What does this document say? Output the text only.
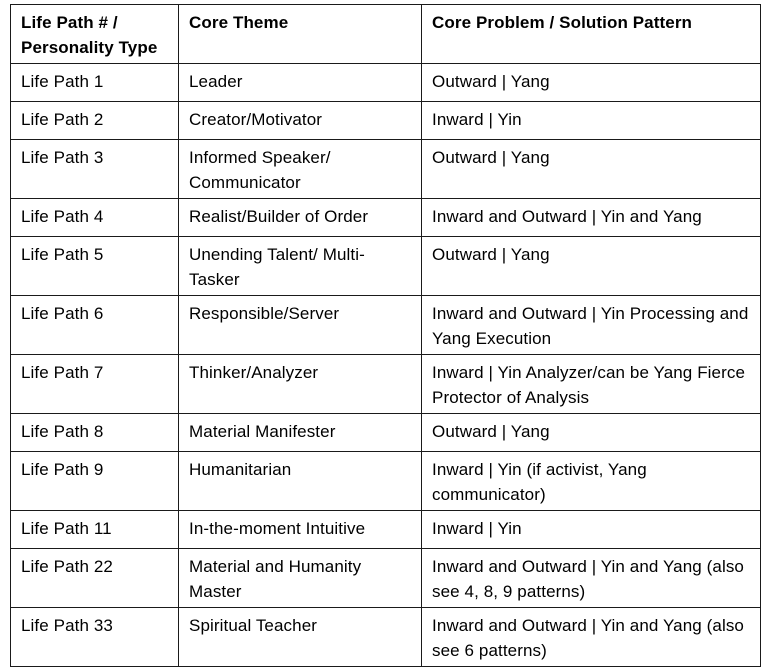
Life Path # / Personality Type	Core Theme	Core Problem / Solution Pattern
Life Path 1	Leader	Outward | Yang
Life Path 2	Creator/Motivator	Inward | Yin
Life Path 3	Informed Speaker/ Communicator	Outward | Yang
Life Path 4	Realist/Builder of Order	Inward and Outward | Yin and Yang
Life Path 5	Unending Talent/ Multi-Tasker	Outward | Yang
Life Path 6	Responsible/Server	Inward and Outward | Yin Processing and Yang Execution
Life Path 7	Thinker/Analyzer	Inward | Yin Analyzer/can be Yang Fierce Protector of Analysis
Life Path 8	Material Manifester	Outward | Yang
Life Path 9	Humanitarian	Inward | Yin (if activist, Yang communicator)
Life Path 11	In-the-moment Intuitive	Inward | Yin
Life Path 22	Material and Humanity Master	Inward and Outward | Yin and Yang (also see 4, 8, 9 patterns)
Life Path 33	Spiritual Teacher	Inward and Outward | Yin and Yang (also see 6 patterns)
